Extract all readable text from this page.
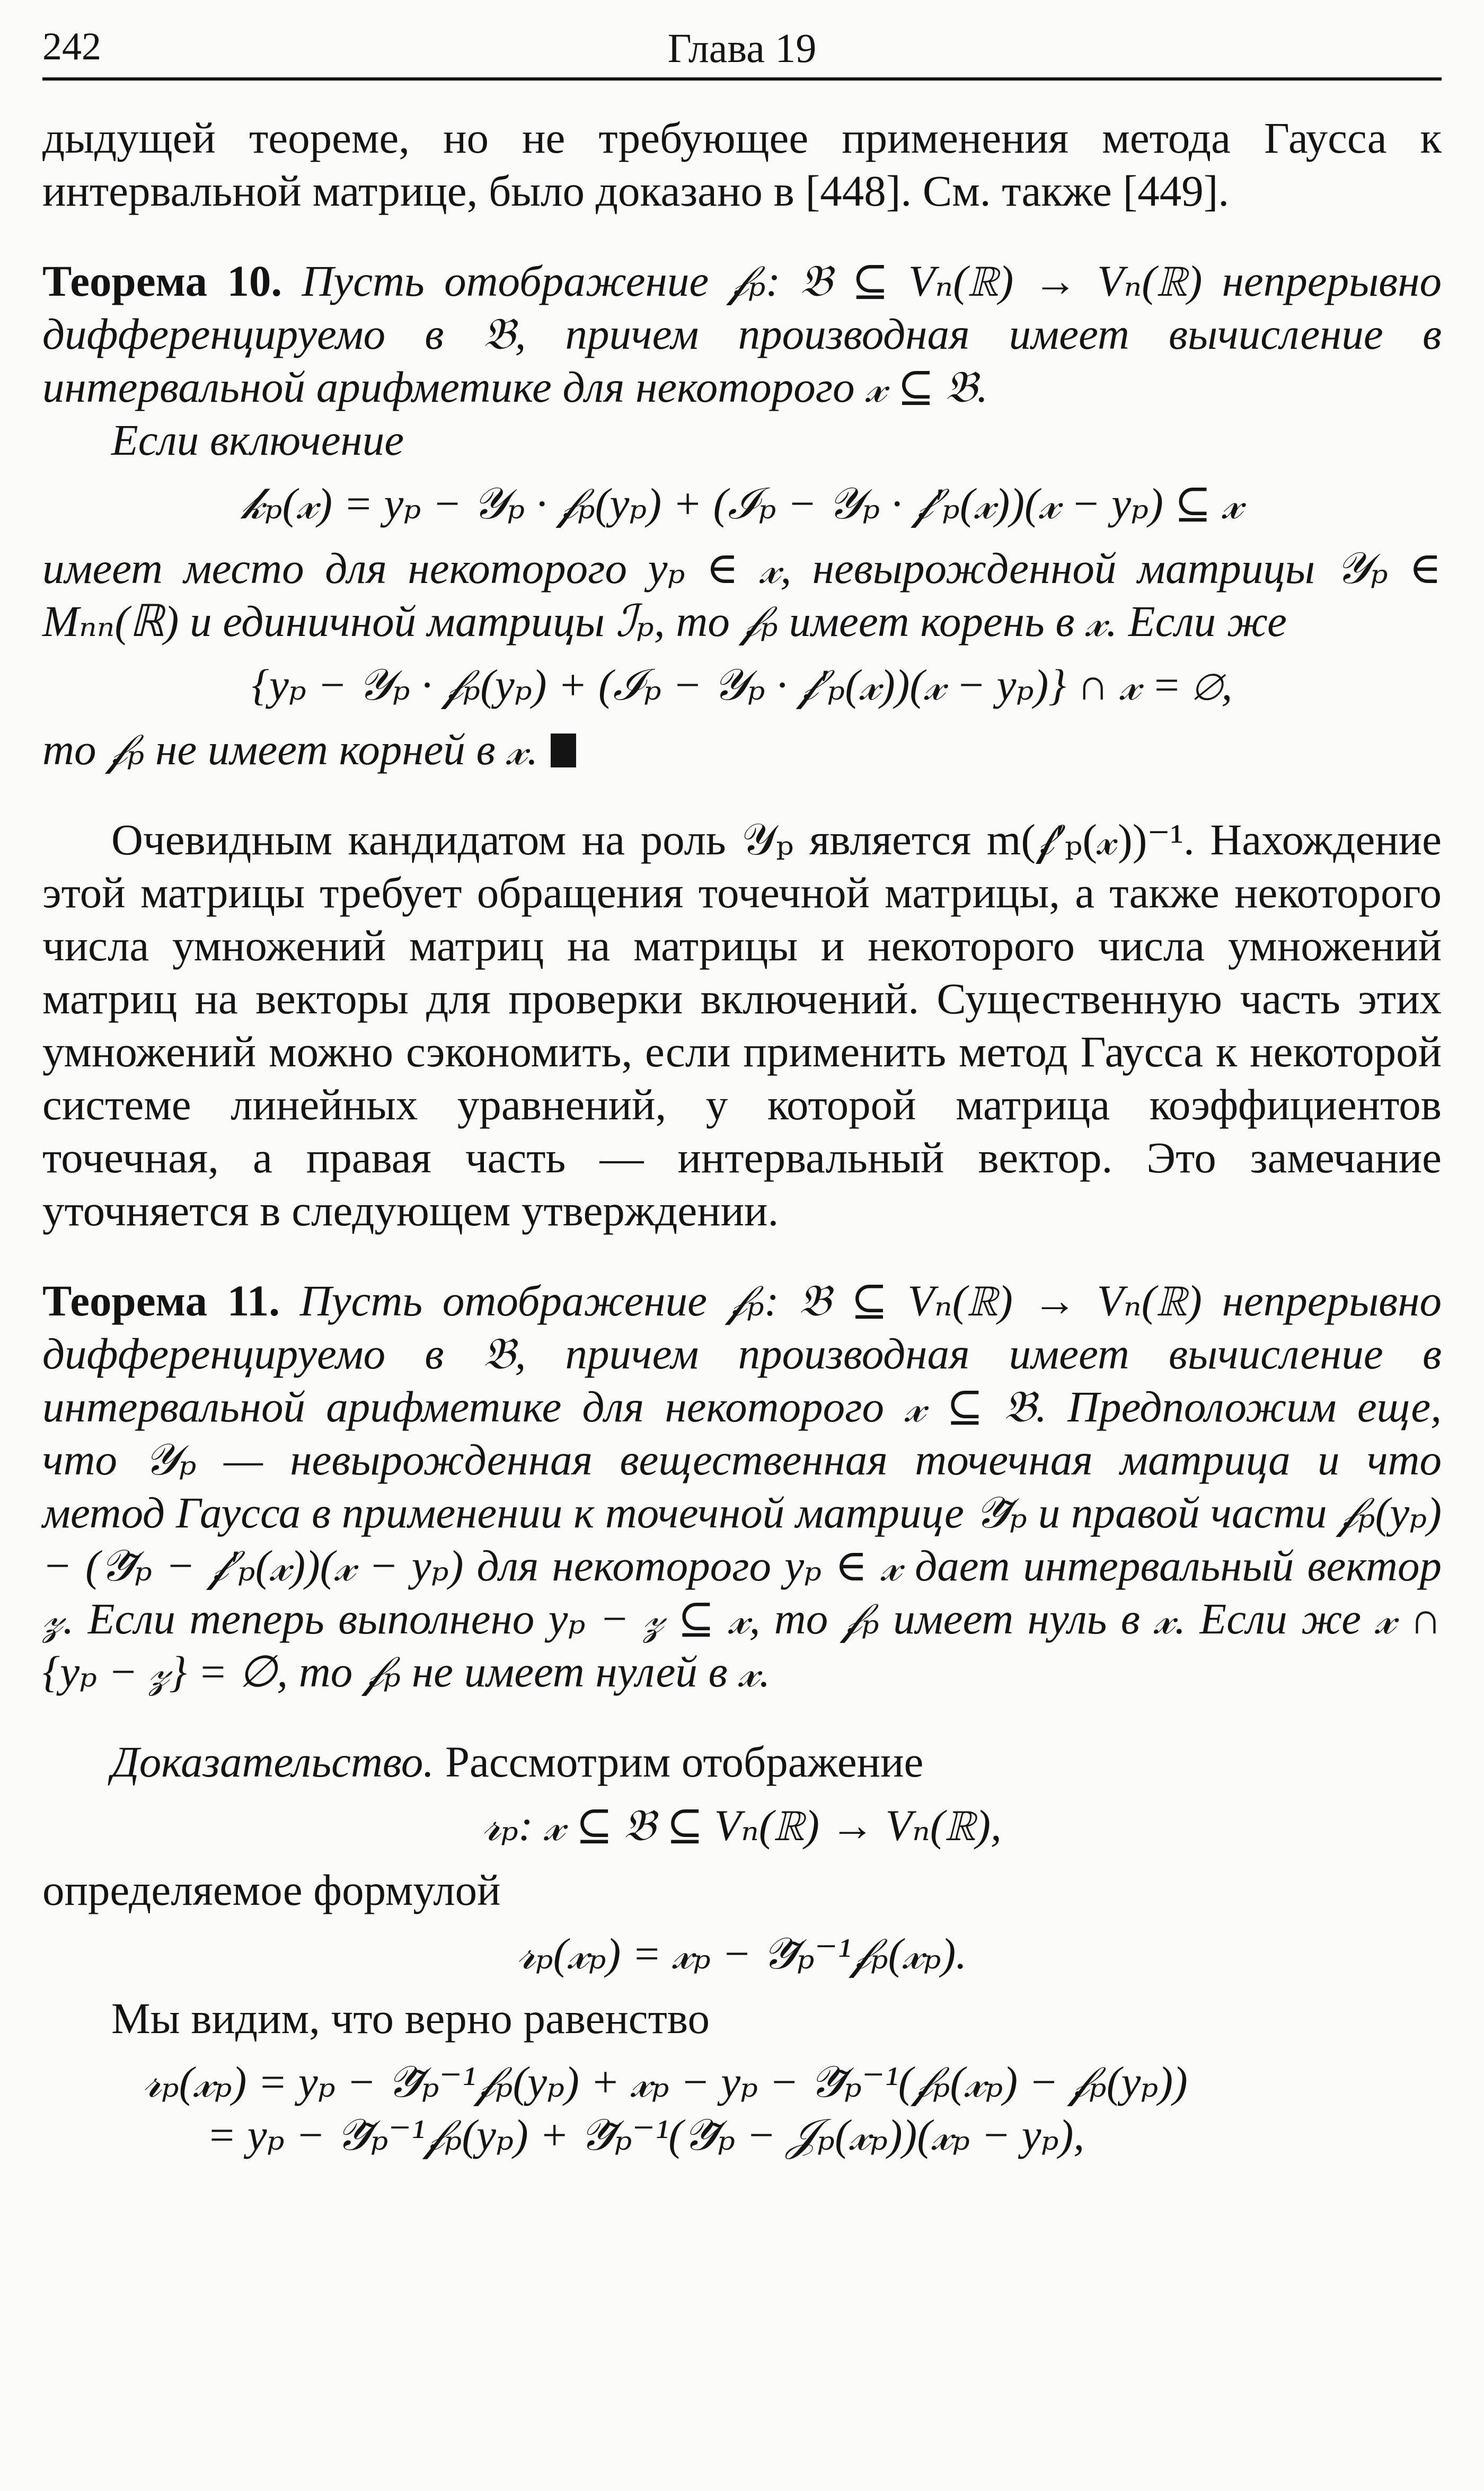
242	Глава 19

дыдущей теореме, но не требующее применения метода Гаусса к интервальной матрице, было доказано в [448]. См. также [449].

Теорема 10. Пусть отображение 𝒻ₚ: 𝔅 ⊆ Vₙ(ℝ) → Vₙ(ℝ) непрерывно дифференцируемо в 𝔅, причем производная имеет вычисление в интервальной арифметике для некоторого 𝓍 ⊆ 𝔅.

Если включение

𝓀ₚ(𝓍) = yₚ − 𝒴ₚ · 𝒻ₚ(yₚ) + (ℐₚ − 𝒴ₚ · 𝒻′ₚ(𝓍))(𝓍 − yₚ) ⊆ 𝓍

имеет место для некоторого yₚ ∈ 𝓍, невырожденной матрицы 𝒴ₚ ∈ Mₙₙ(ℝ) и единичной матрицы ℐₚ, то 𝒻ₚ имеет корень в 𝓍. Если же

{yₚ − 𝒴ₚ · 𝒻ₚ(yₚ) + (ℐₚ − 𝒴ₚ · 𝒻′ₚ(𝓍))(𝓍 − yₚ)} ∩ 𝓍 = ∅,

то 𝒻ₚ не имеет корней в 𝓍.

Очевидным кандидатом на роль 𝒴ₚ является m(𝒻′ₚ(𝓍))⁻¹. Нахождение этой матрицы требует обращения точечной матрицы, а также некоторого числа умножений матриц на матрицы и некоторого числа умножений матриц на векторы для проверки включений. Существенную часть этих умножений можно сэкономить, если применить метод Гаусса к некоторой системе линейных уравнений, у которой матрица коэффициентов точечная, а правая часть — интервальный вектор. Это замечание уточняется в следующем утверждении.

Теорема 11. Пусть отображение 𝒻ₚ: 𝔅 ⊆ Vₙ(ℝ) → Vₙ(ℝ) непрерывно дифференцируемо в 𝔅, причем производная имеет вычисление в интервальной арифметике для некоторого 𝓍 ⊆ 𝔅. Предположим еще, что 𝒴ₚ — невырожденная вещественная точечная матрица и что метод Гаусса в применении к точечной матрице 𝒴̃ₚ и правой части 𝒻ₚ(yₚ) − (𝒴̃ₚ − 𝒻′ₚ(𝓍))(𝓍 − yₚ) для некоторого yₚ ∈ 𝓍 дает интервальный вектор 𝓏. Если теперь выполнено yₚ − 𝓏 ⊆ 𝓍, то 𝒻ₚ имеет нуль в 𝓍. Если же 𝓍 ∩ {yₚ − 𝓏} = ∅, то 𝒻ₚ не имеет нулей в 𝓍.

Доказательство. Рассмотрим отображение

𝓇ₚ: 𝓍 ⊆ 𝔅 ⊆ Vₙ(ℝ) → Vₙ(ℝ),

определяемое формулой

𝓇ₚ(𝓍ₚ) = 𝓍ₚ − 𝒴̃ₚ⁻¹𝒻ₚ(𝓍ₚ).

Мы видим, что верно равенство

𝓇ₚ(𝓍ₚ) = yₚ − 𝒴̃ₚ⁻¹𝒻ₚ(yₚ) + 𝓍ₚ − yₚ − 𝒴̃ₚ⁻¹(𝒻ₚ(𝓍ₚ) − 𝒻ₚ(yₚ))
= yₚ − 𝒴̃ₚ⁻¹𝒻ₚ(yₚ) + 𝒴̃ₚ⁻¹(𝒴̃ₚ − 𝒥ₚ(𝓍ₚ))(𝓍ₚ − yₚ),
